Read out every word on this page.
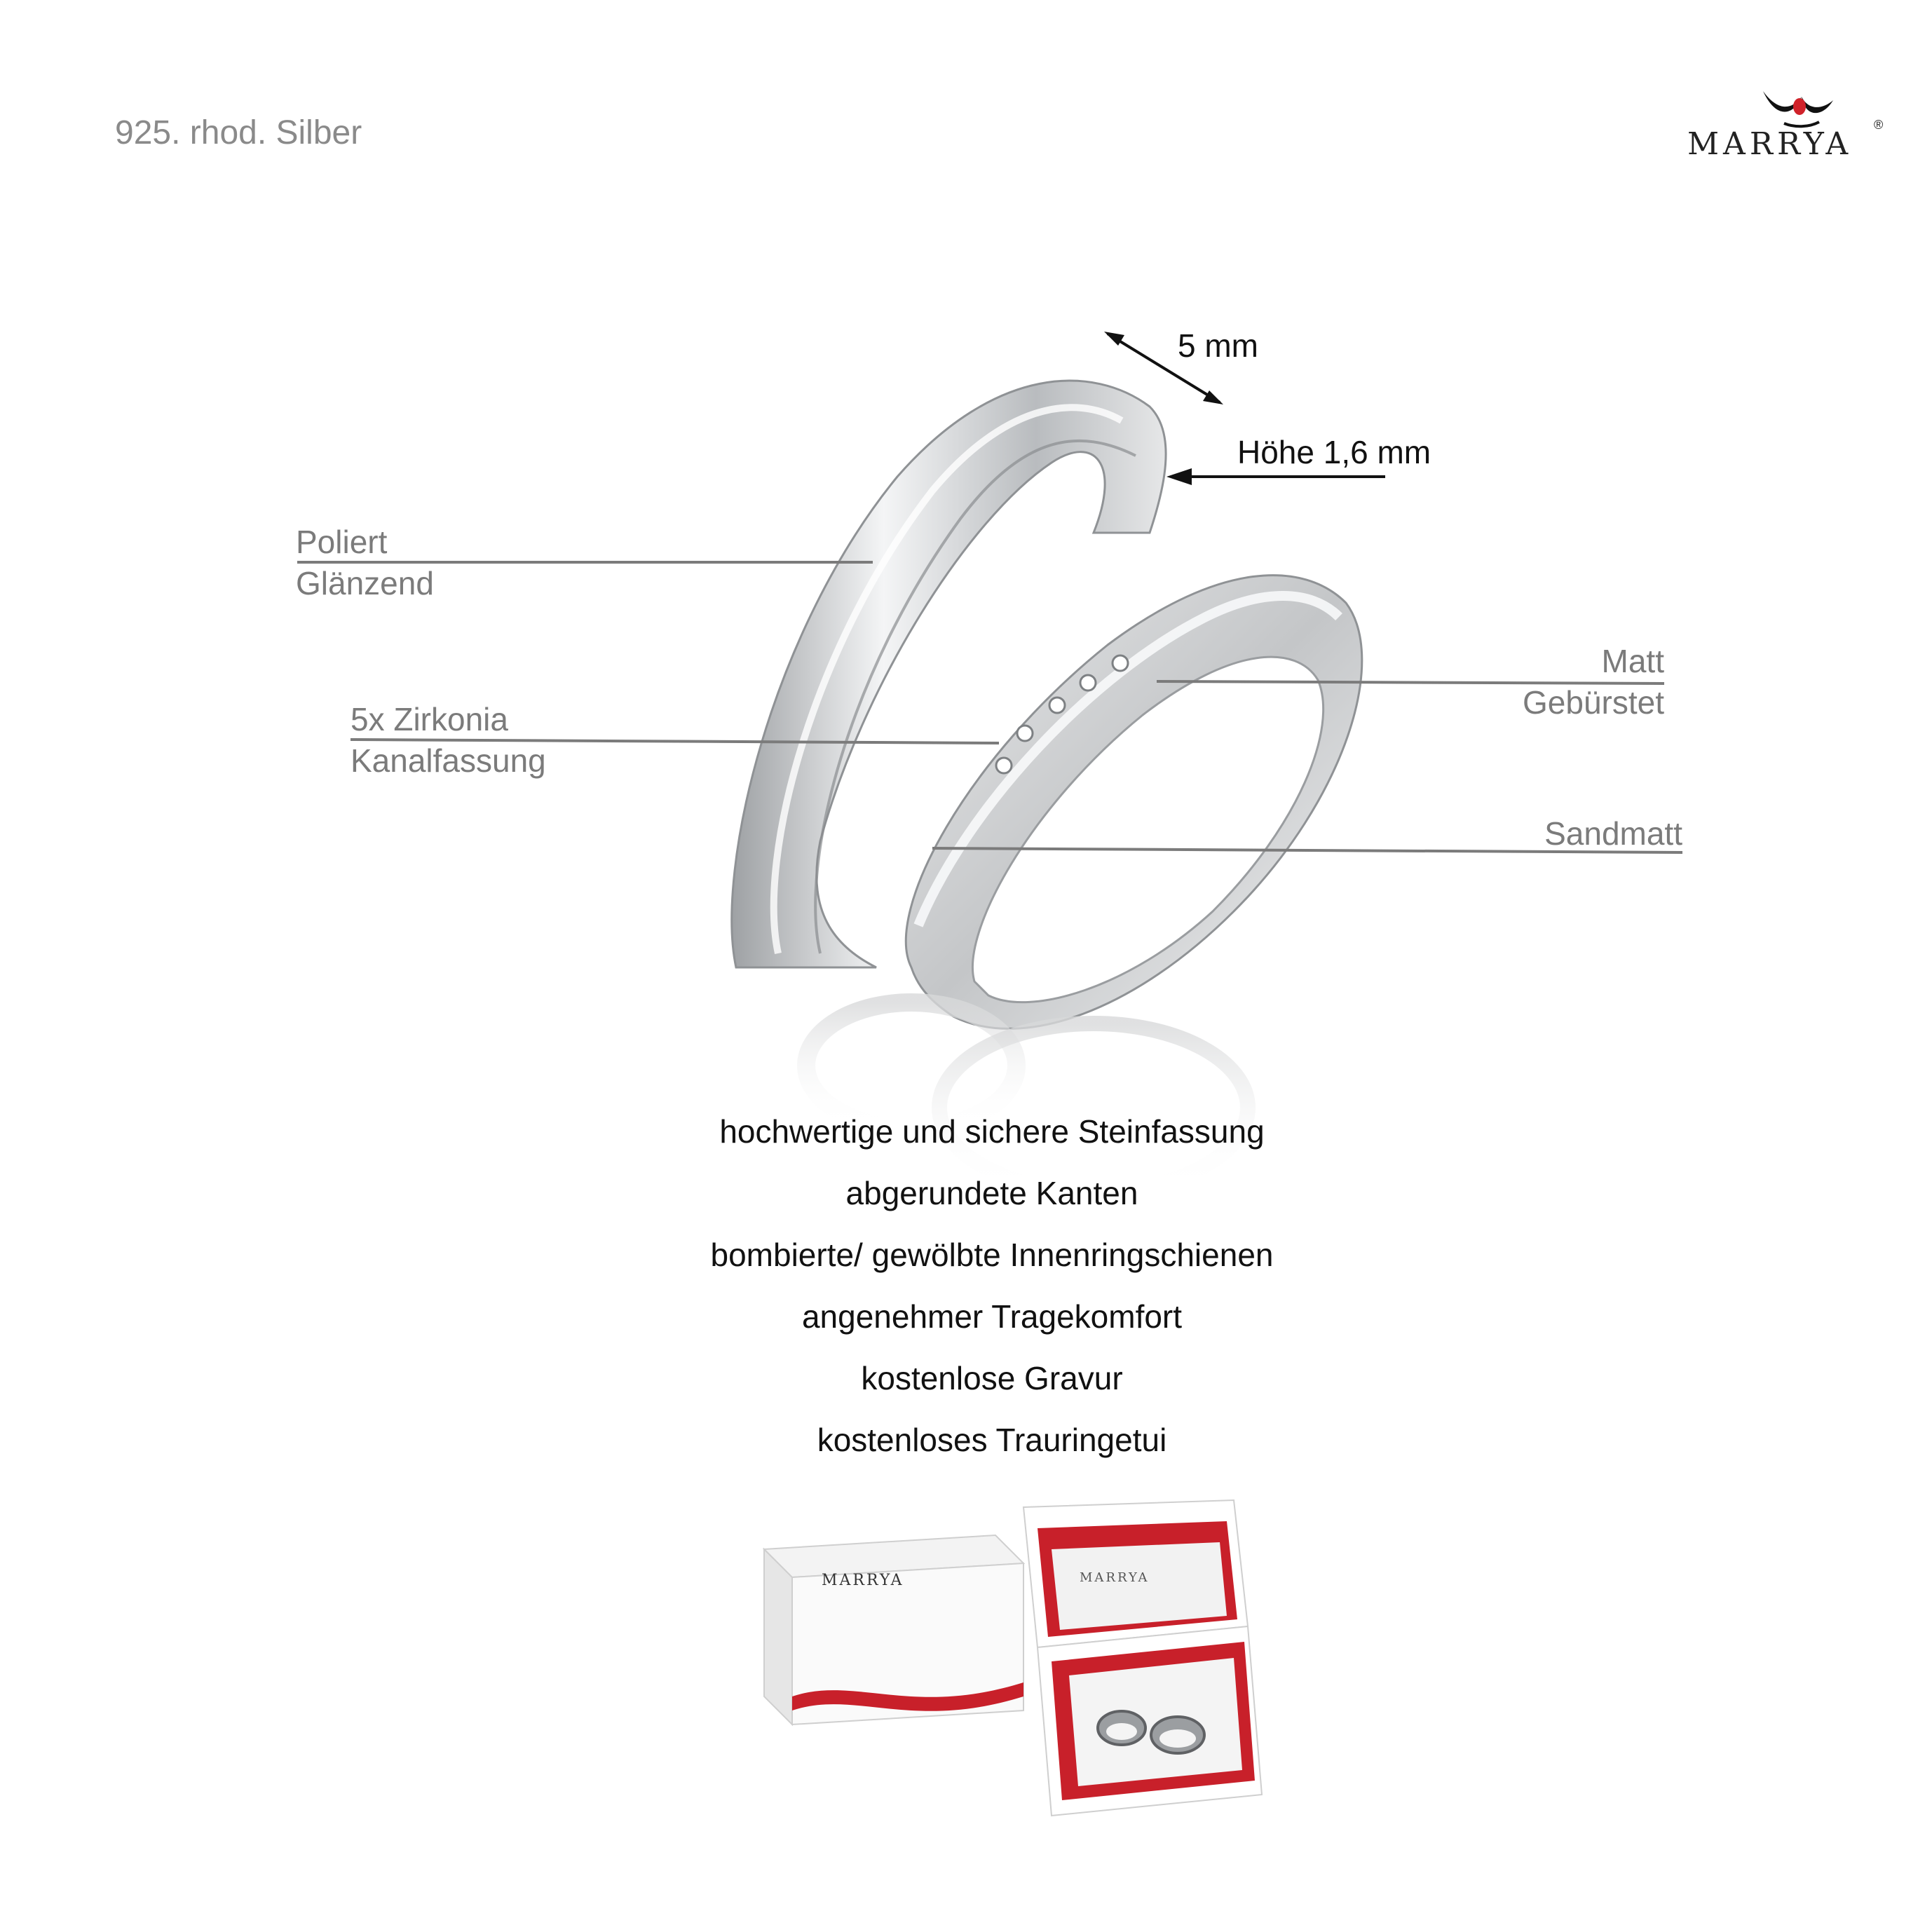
925. rhod. Silber	MARRYA
®
5 mm
Höhe 1,6 mm
Poliert
Glänzend
5x Zirkonia
Kanalfassung
Matt
Gebürstet
Sandmatt
hochwertige und sichere Steinfassung
abgerundete Kanten
bombierte/ gewölbte Innenringschienen
angenehmer Tragekomfort
kostenlose Gravur
kostenloses Trauringetui
MARRYA	MARRYA
